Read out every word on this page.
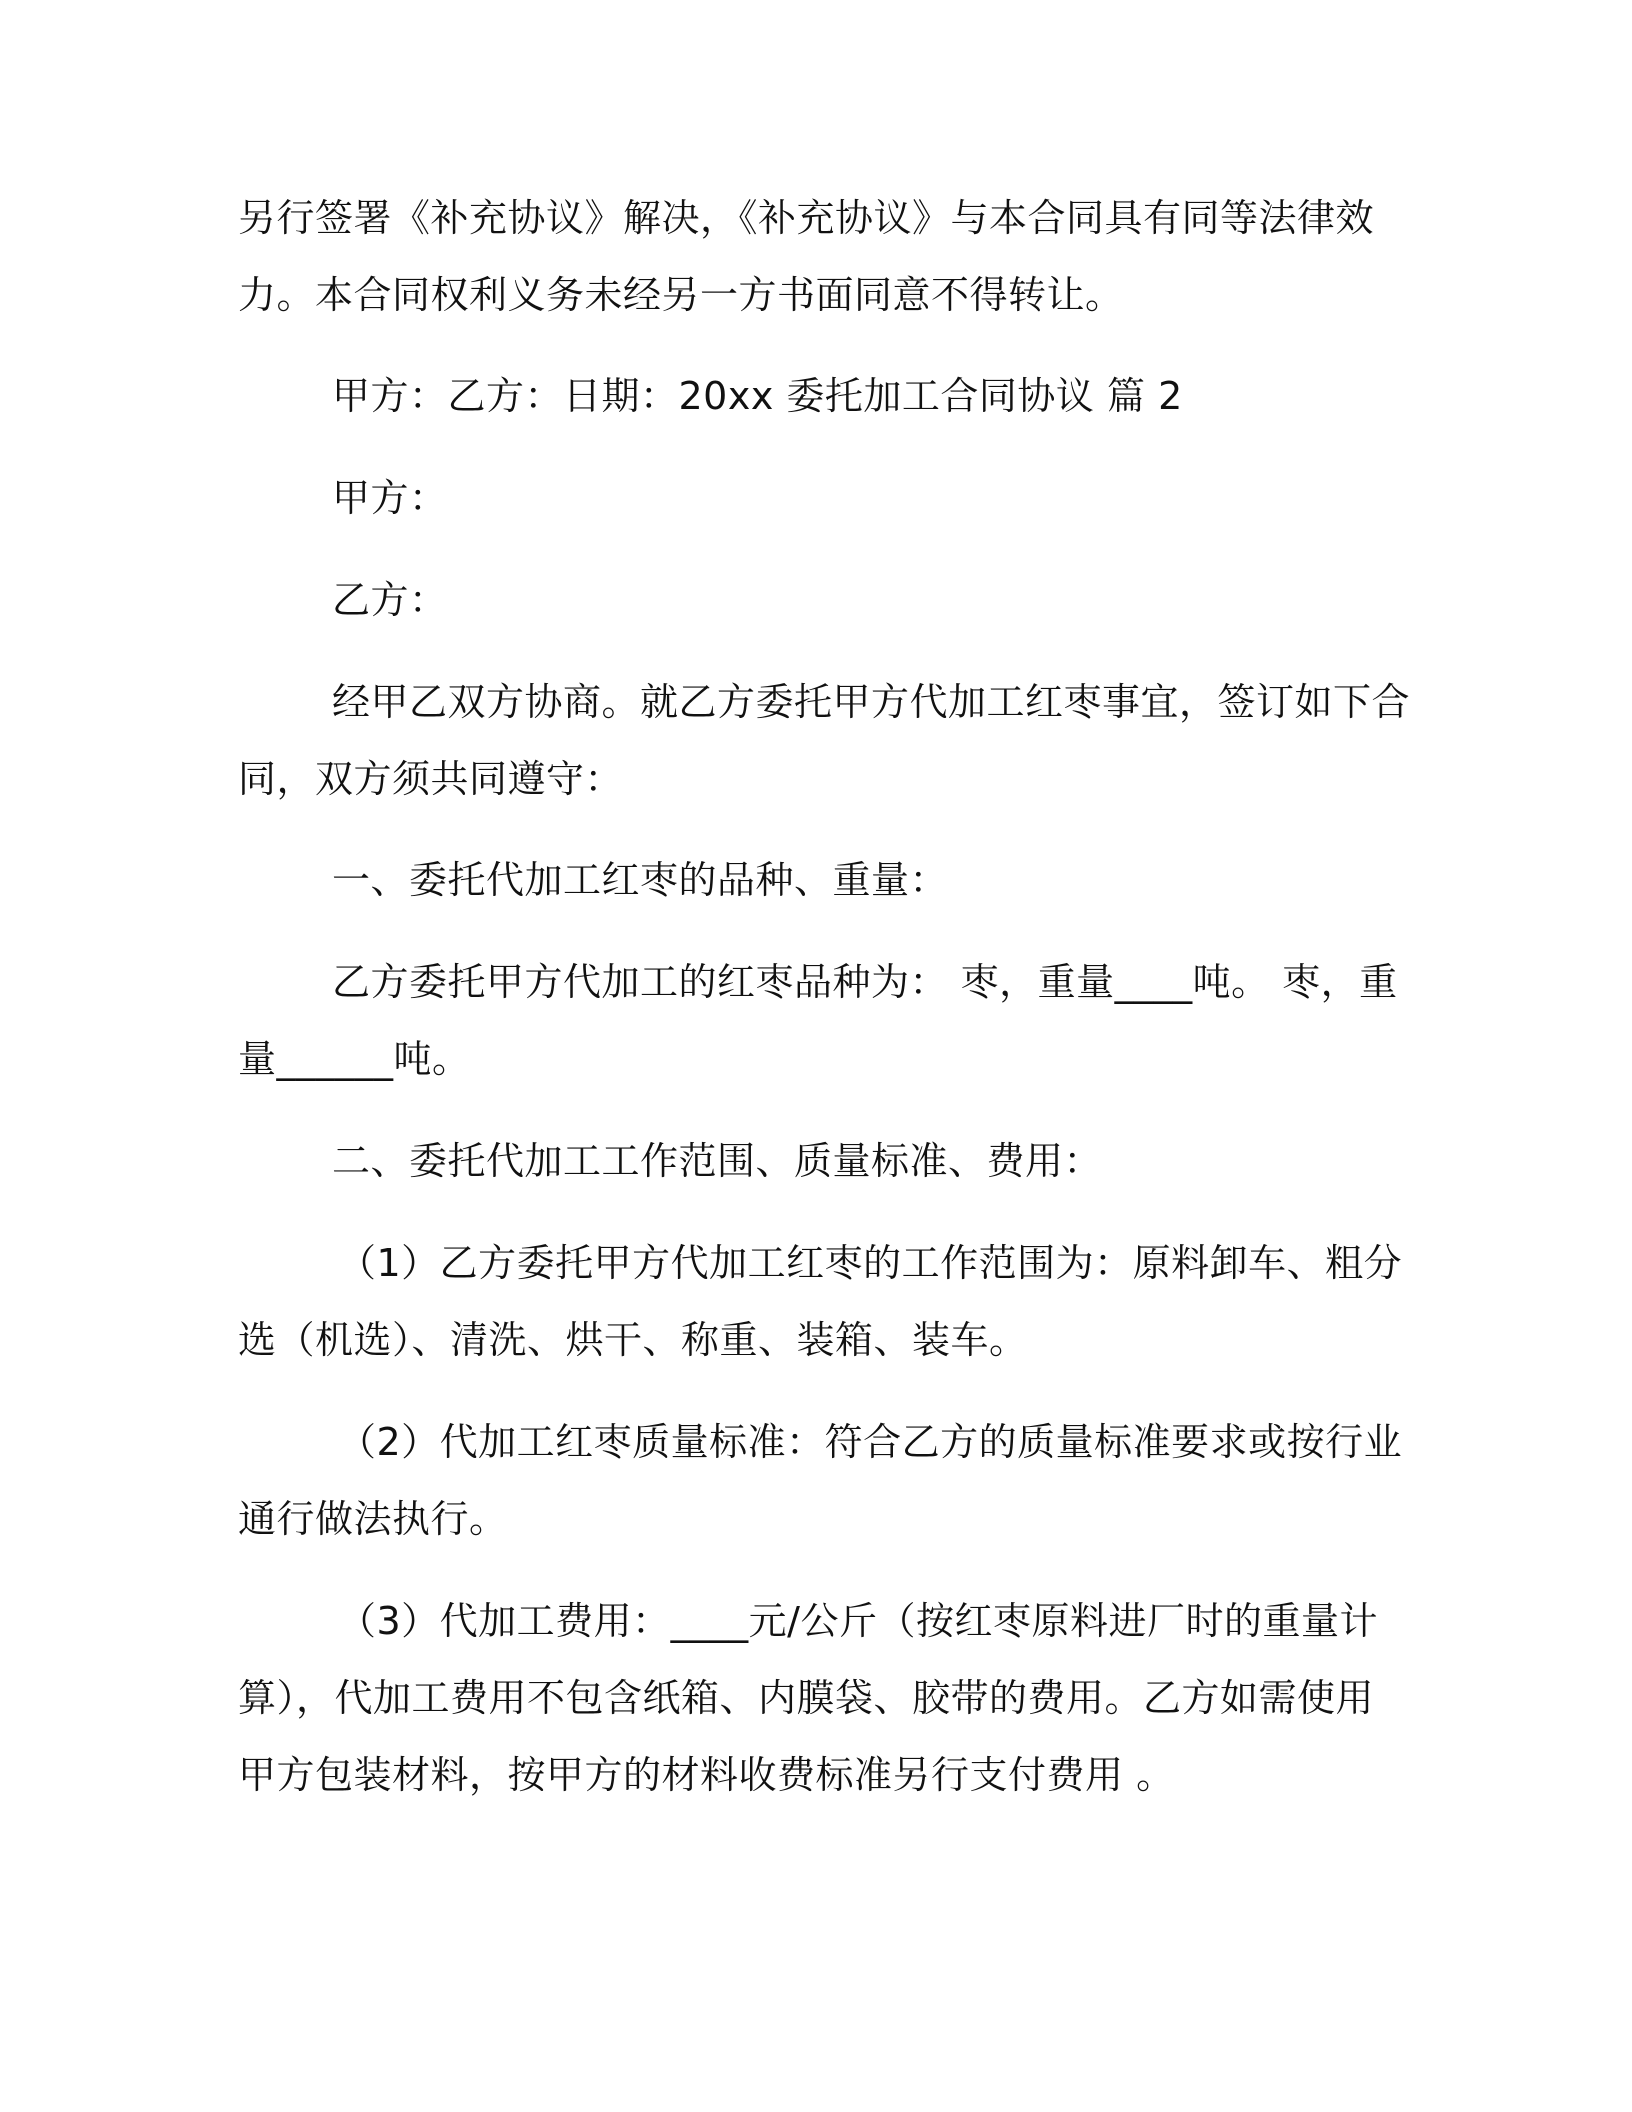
另行签署《补充协议》解决，《补充协议》与本合同具有同等法律效
力。本合同权利义务未经另一方书面同意不得转让。
甲方：乙方：日期：20xx 委托加工合同协议 篇 2
甲方：
乙方：
经甲乙双方协商。就乙方委托甲方代加工红枣事宜，签订如下合
同，双方须共同遵守：
一、委托代加工红枣的品种、重量：
乙方委托甲方代加工的红枣品种为： 枣，重量____吨。 枣，重
量______吨。
二、委托代加工工作范围、质量标准、费用：
（1）乙方委托甲方代加工红枣的工作范围为：原料卸车、粗分
选（机选）、清洗、烘干、称重、装箱、装车。
（2）代加工红枣质量标准：符合乙方的质量标准要求或按行业
通行做法执行。
（3）代加工费用：____元/公斤（按红枣原料进厂时的重量计
算），代加工费用不包含纸箱、内膜袋、胶带的费用。乙方如需使用
甲方包装材料，按甲方的材料收费标准另行支付费用 。
